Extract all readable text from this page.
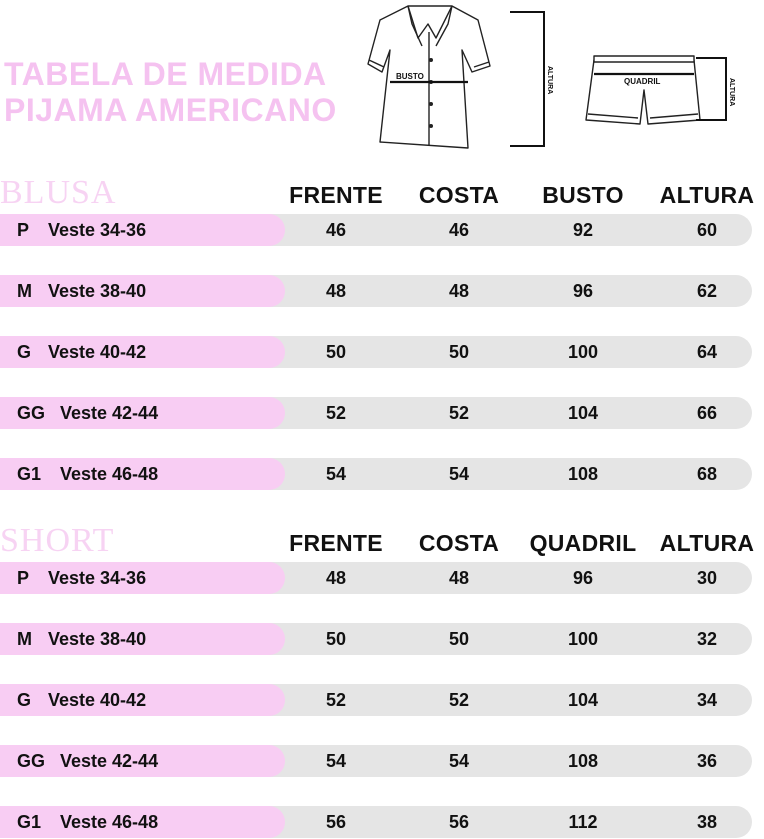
TABELA DE MEDIDA
PIJAMA AMERICANO
BUSTO	ALTURA	QUADRIL	ALTURA
BLUSA	FRENTE	COSTA	BUSTO	ALTURA
P Veste 34-36	46	46	92	60
M Veste 38-40	48	48	96	62
G Veste 40-42	50	50	100	64
GG Veste 42-44	52	52	104	66
G1 Veste 46-48	54	54	108	68
SHORT	FRENTE	COSTA	QUADRIL	ALTURA
P Veste 34-36	48	48	96	30
M Veste 38-40	50	50	100	32
G Veste 40-42	52	52	104	34
GG Veste 42-44	54	54	108	36
G1 Veste 46-48	56	56	112	38
